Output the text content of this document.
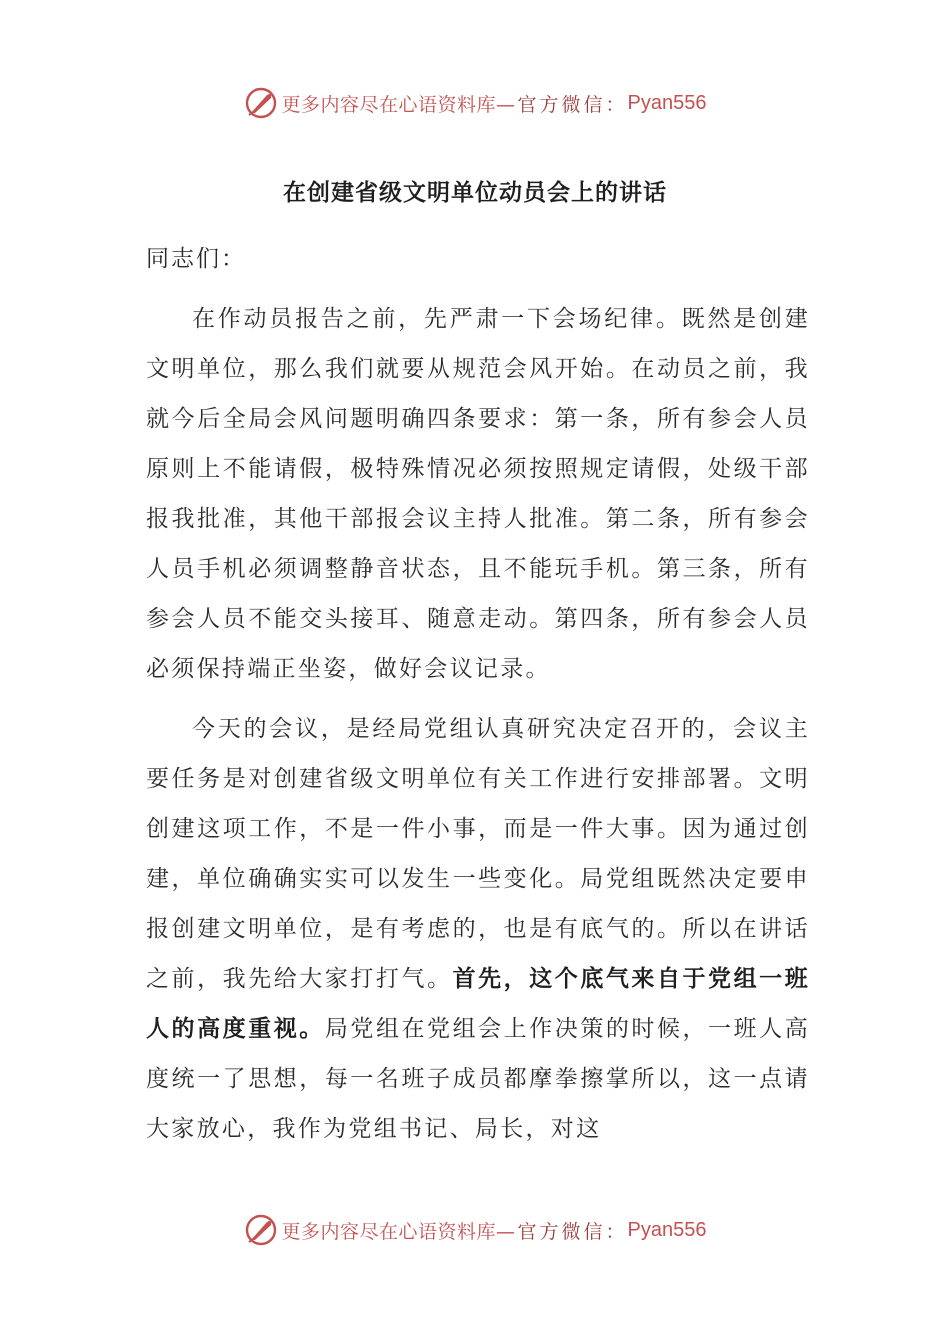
更多内容尽在心语资料库— 官方微信： Pyan556
在创建省级文明单位动员会上的讲话
同志们：

在作动员报告之前，先严肃一下会场纪律。既然是创建文明单位，那么我们就要从规范会风开始。在动员之前，我就今后全局会风问题明确四条要求：第一条，所有参会人员原则上不能请假，极特殊情况必须按照规定请假，处级干部报我批准，其他干部报会议主持人批准。第二条，所有参会人员手机必须调整静音状态，且不能玩手机。第三条，所有参会人员不能交头接耳、随意走动。第四条，所有参会人员必须保持端正坐姿，做好会议记录。

今天的会议，是经局党组认真研究决定召开的，会议主要任务是对创建省级文明单位有关工作进行安排部署。文明创建这项工作，不是一件小事，而是一件大事。因为通过创建，单位确确实实可以发生一些变化。局党组既然决定要申报创建文明单位，是有考虑的，也是有底气的。所以在讲话之前，我先给大家打打气。首先，这个底气来自于党组一班人的高度重视。局党组在党组会上作决策的时候，一班人高度统一了思想，每一名班子成员都摩拳擦掌所以，这一点请大家放心，我作为党组书记、局长，对这

更多内容尽在心语资料库— 官方微信： Pyan556
